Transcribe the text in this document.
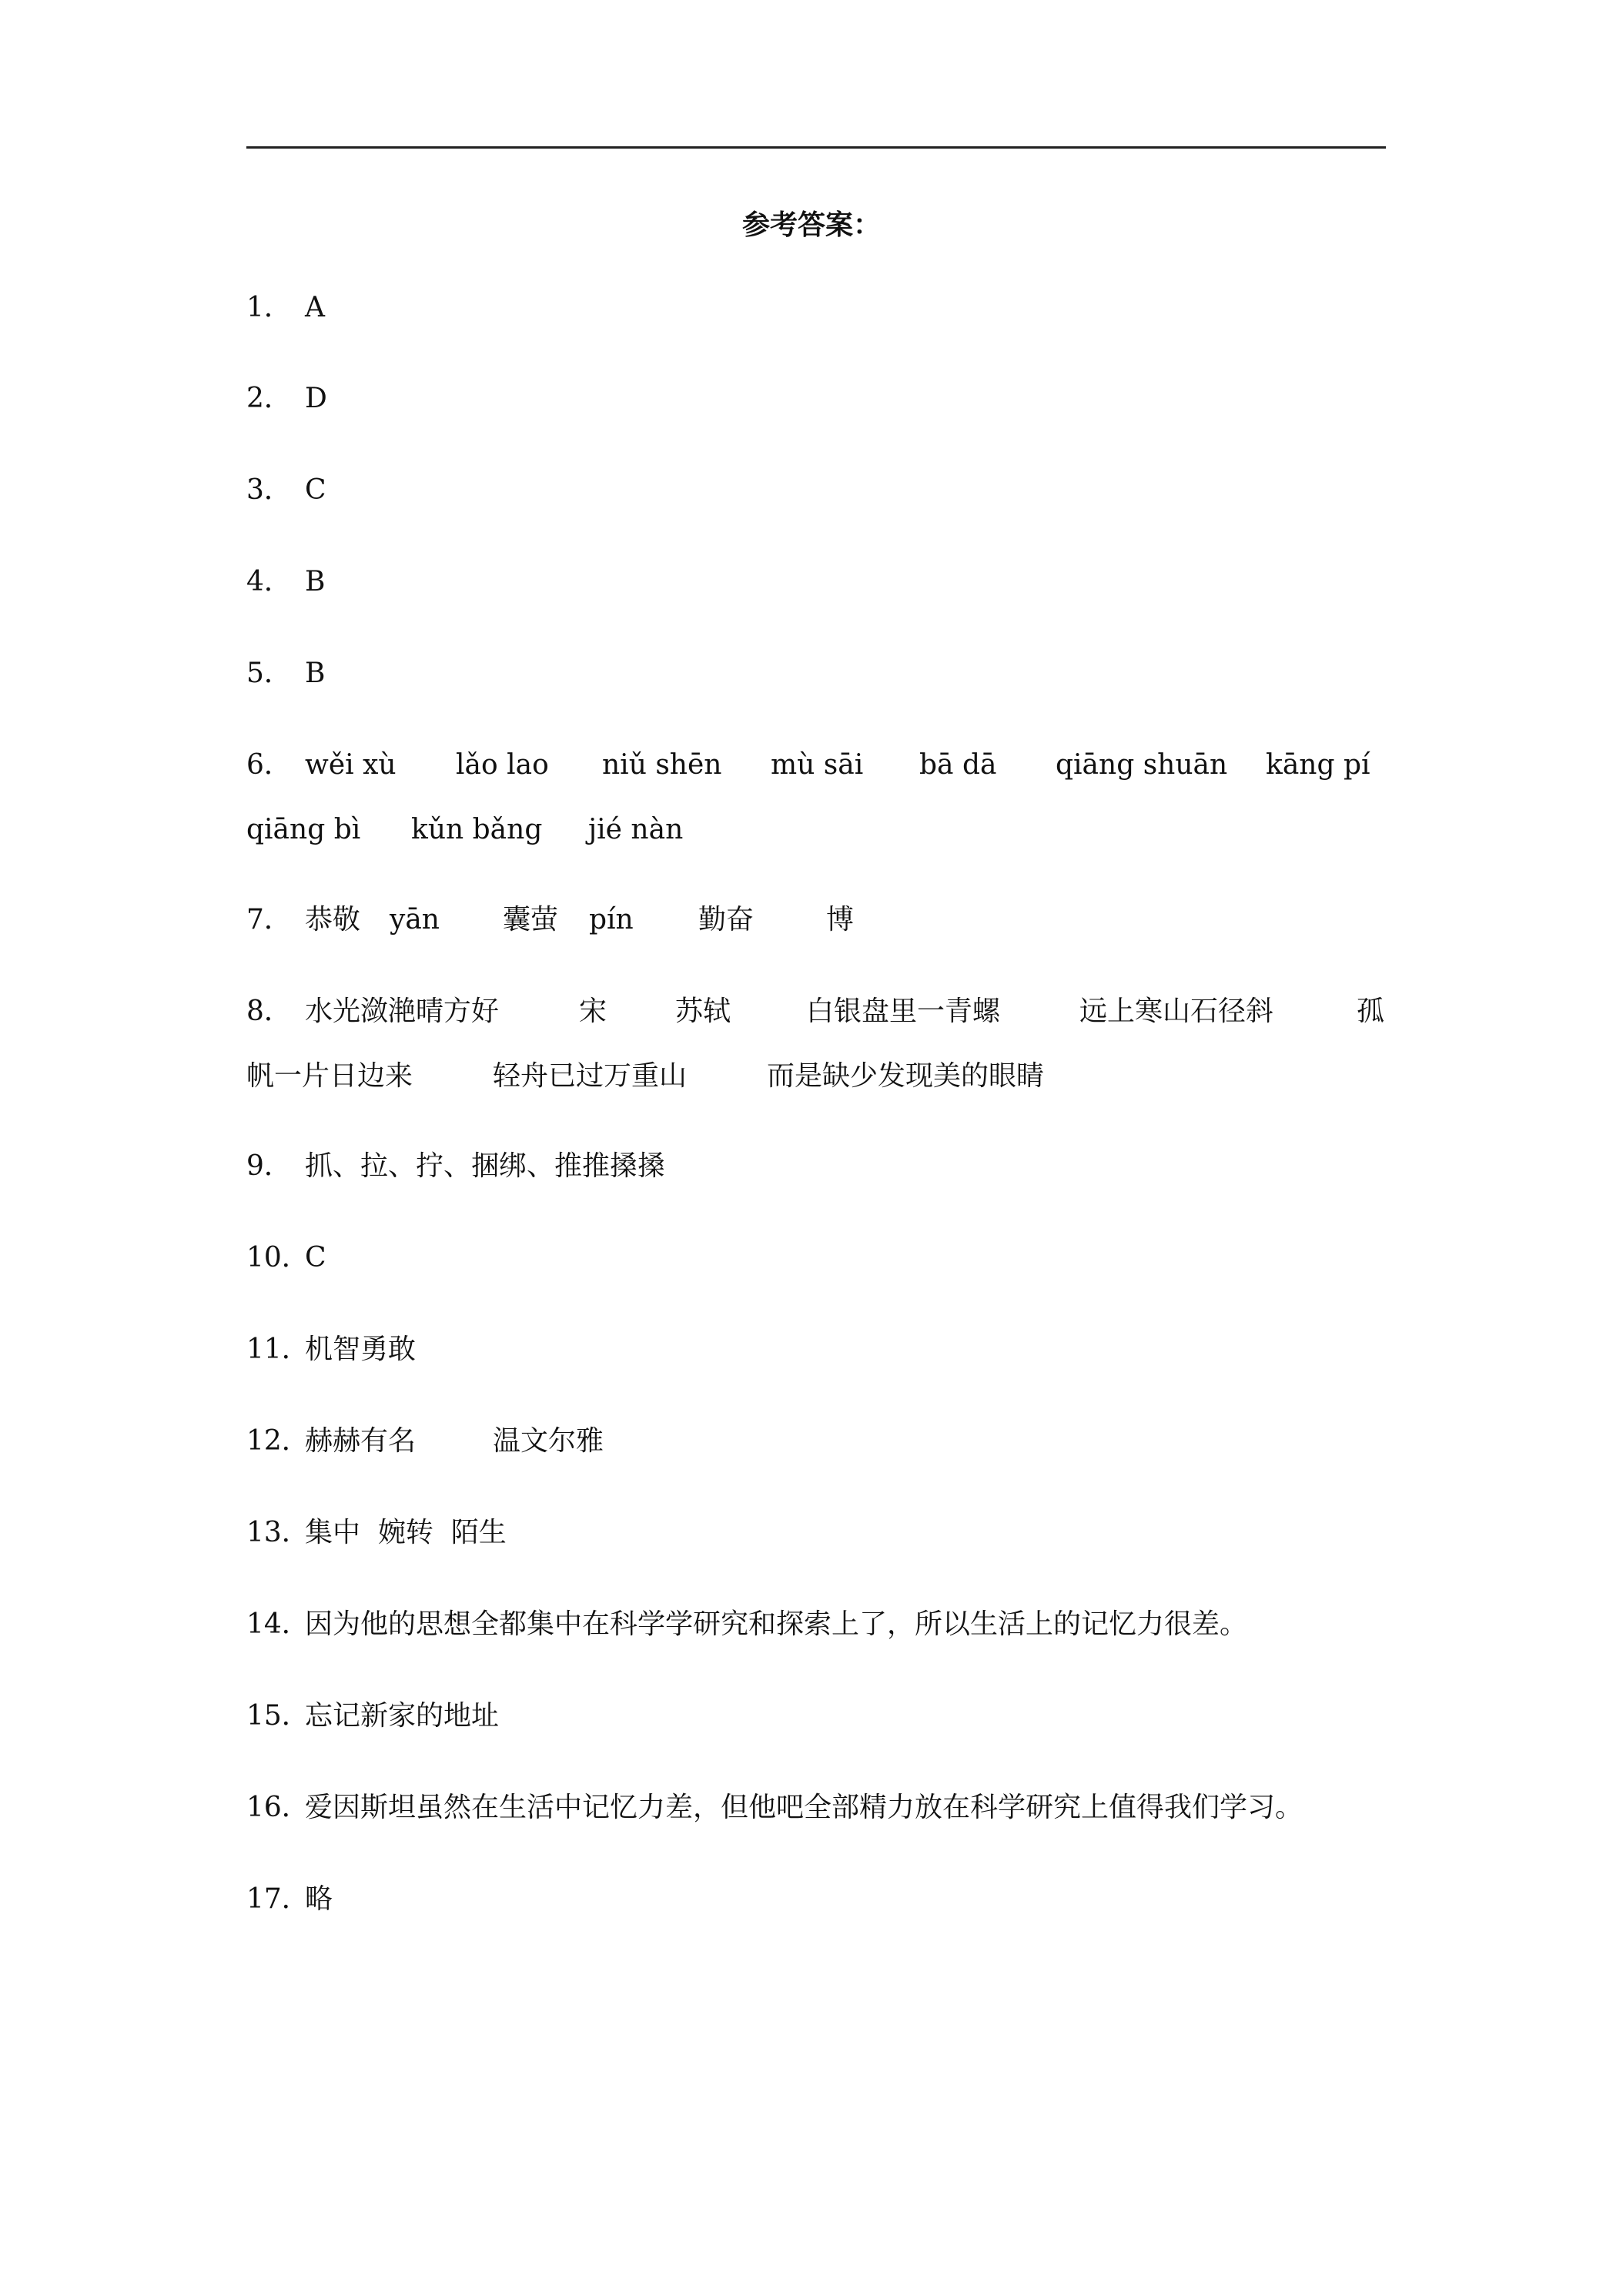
参考答案：
1． A
2． D
3． C
4． B
5． B
6． wěi xù lǎo lao niǔ shēn mù sāi bā dā qiāng shuān kāng pí
qiāng bì kǔn bǎng jié nàn
7． 恭敬 yān 囊萤 pín 勤奋	博
8． 水光潋滟晴方好	宋 苏轼	白银盘里一青螺	远上寒山石径斜	孤
帆一片日边来	轻舟已过万重山	而是缺少发现美的眼睛
9． 抓、拉、拧、捆绑、推推搡搡
10．C
11．机智勇敢
12．赫赫有名	温文尔雅
13．集中  婉转  陌生
14．因为他的思想全都集中在科学学研究和探索上了，所以生活上的记忆力很差。
15．忘记新家的地址
16．爱因斯坦虽然在生活中记忆力差，但他吧全部精力放在科学研究上值得我们学习。
17．略
